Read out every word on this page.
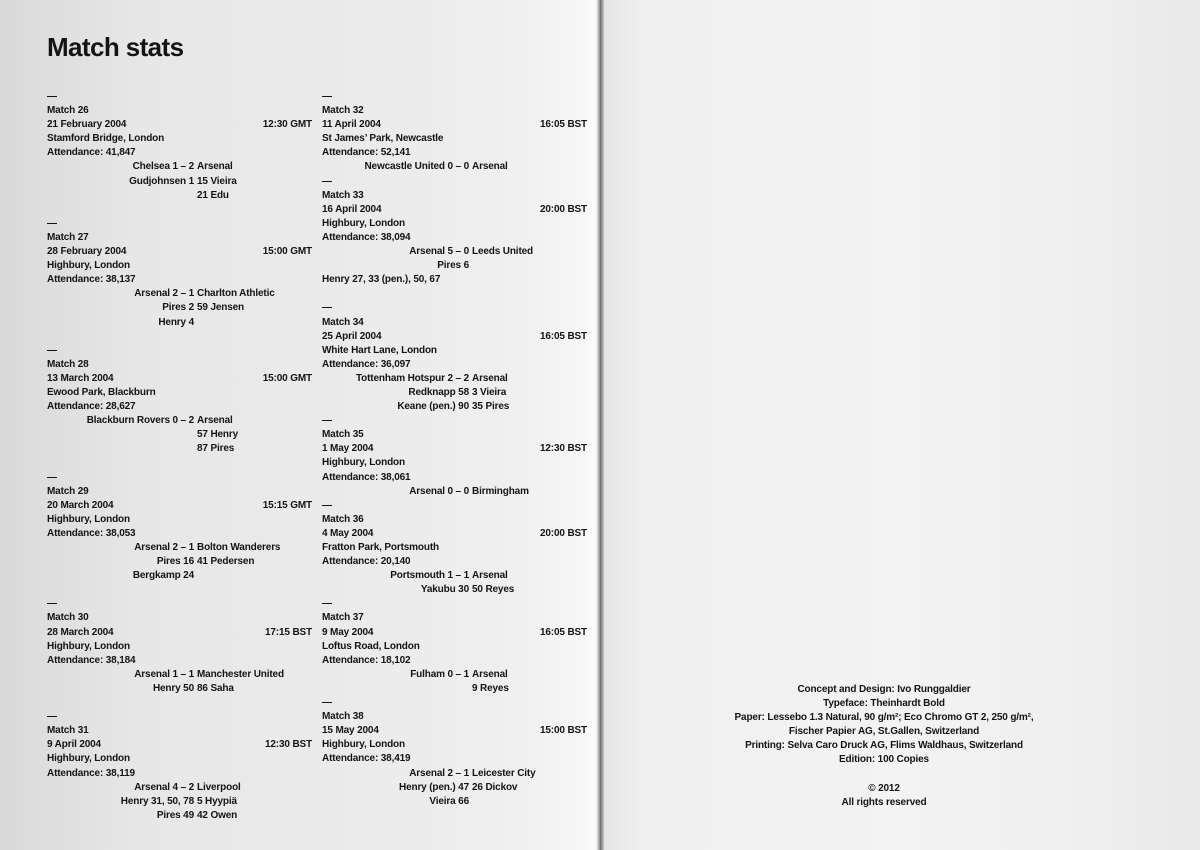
Match stats
—
Match 26
21 February 2004	12:30 GMT
Stamford Bridge, London
Attendance: 41,847
Chelsea 1 – 2 Arsenal
Gudjohnsen 1 15 Vieira
21 Edu
—
Match 27
28 February 2004	15:00 GMT
Highbury, London
Attendance: 38,137
Arsenal 2 – 1 Charlton Athletic
Pires 2 59 Jensen
Henry 4
—
Match 28
13 March 2004	15:00 GMT
Ewood Park, Blackburn
Attendance: 28,627
Blackburn Rovers 0 – 2 Arsenal
57 Henry
87 Pires
—
Match 29
20 March 2004	15:15 GMT
Highbury, London
Attendance: 38,053
Arsenal 2 – 1 Bolton Wanderers
Pires 16 41 Pedersen
Bergkamp 24
—
Match 30
28 March 2004	17:15 BST
Highbury, London
Attendance: 38,184
Arsenal 1 – 1 Manchester United
Henry 50 86 Saha
—
Match 31
9 April 2004	12:30 BST
Highbury, London
Attendance: 38,119
Arsenal 4 – 2 Liverpool
Henry 31, 50, 78 5 Hyypiä
Pires 49 42 Owen
—
Match 32
11 April 2004	16:05 BST
St James’ Park, Newcastle
Attendance: 52,141
Newcastle United 0 – 0 Arsenal
—
Match 33
16 April 2004	20:00 BST
Highbury, London
Attendance: 38,094
Arsenal 5 – 0 Leeds United
Pires 6
Henry 27, 33 (pen.), 50, 67
—
Match 34
25 April 2004	16:05 BST
White Hart Lane, London
Attendance: 36,097
Tottenham Hotspur 2 – 2 Arsenal
Redknapp 58 3 Vieira
Keane (pen.) 90 35 Pires
—
Match 35
1 May 2004	12:30 BST
Highbury, London
Attendance: 38,061
Arsenal 0 – 0 Birmingham
—
Match 36
4 May 2004	20:00 BST
Fratton Park, Portsmouth
Attendance: 20,140
Portsmouth 1 – 1 Arsenal
Yakubu 30 50 Reyes
—
Match 37
9 May 2004	16:05 BST
Loftus Road, London
Attendance: 18,102
Fulham 0 – 1 Arsenal
9 Reyes
—
Match 38
15 May 2004	15:00 BST
Highbury, London
Attendance: 38,419
Arsenal 2 – 1 Leicester City
Henry (pen.) 47 26 Dickov
Vieira 66
Concept and Design: Ivo Runggaldier
Typeface: Theinhardt Bold
Paper: Lessebo 1.3 Natural, 90 g/m²; Eco Chromo GT 2, 250 g/m²,
Fischer Papier AG, St.Gallen, Switzerland
Printing: Selva Caro Druck AG, Flims Waldhaus, Switzerland
Edition: 100 Copies
© 2012
All rights reserved
